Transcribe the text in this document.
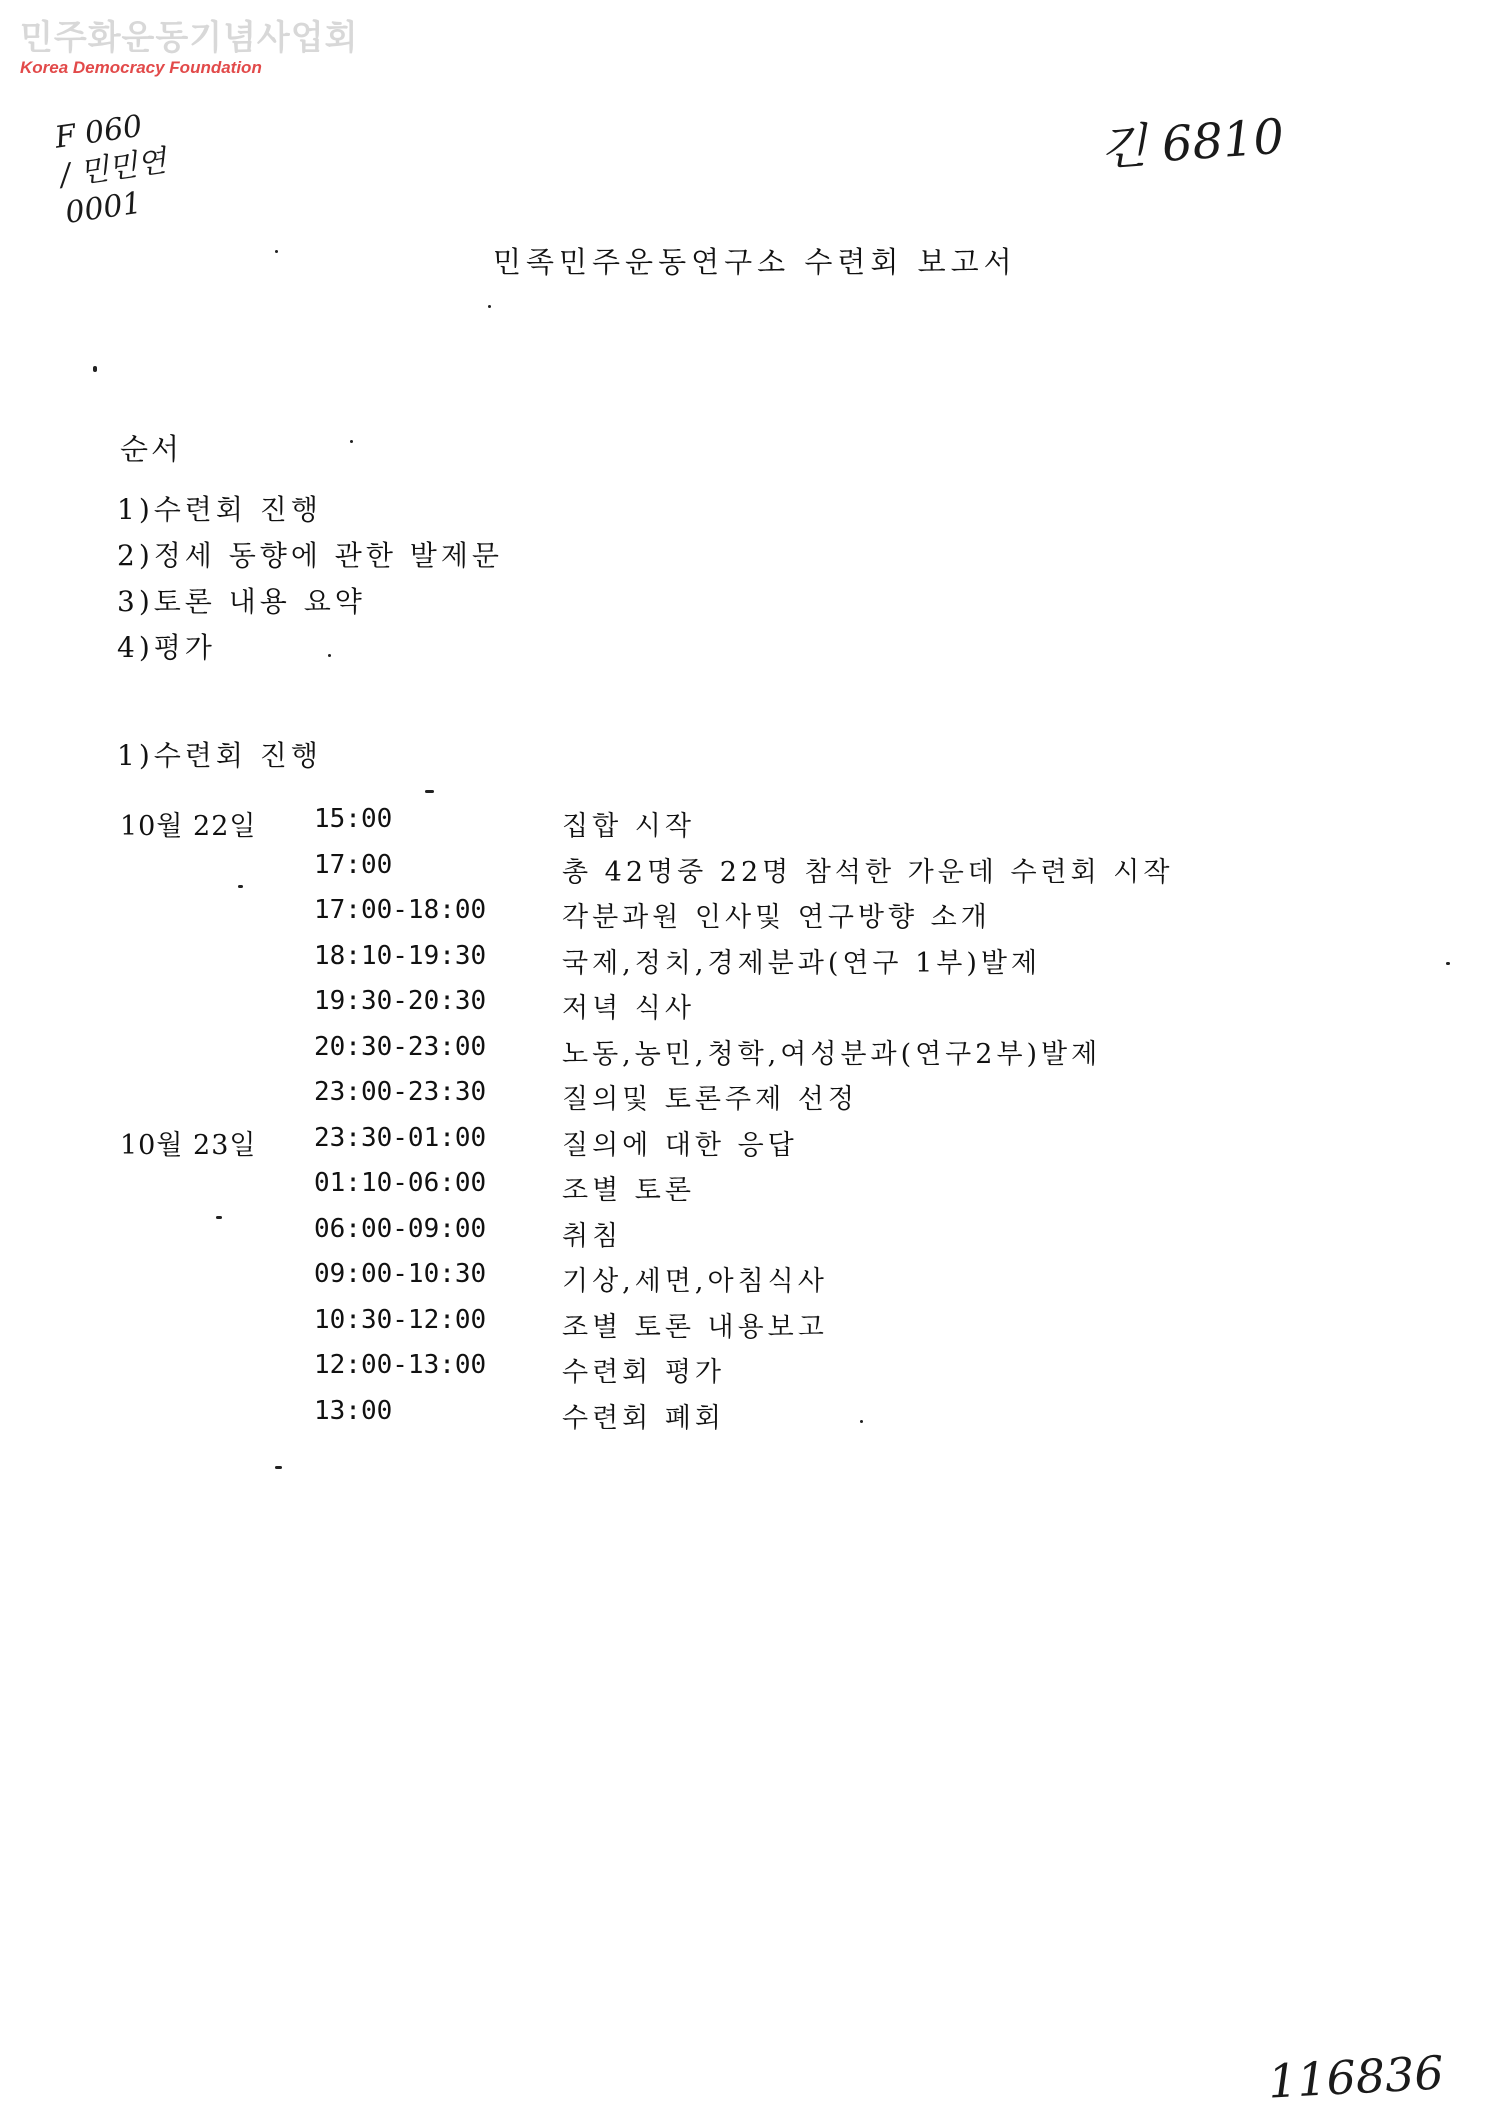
민주화운동기념사업회
Korea Democracy Foundation
F 060
/ 민민연
0001
긴 6810
민족민주운동연구소 수련회 보고서
순서
1)수련회 진행
2)정세 동향에 관한 발제문
3)토론 내용 요약
4)평가
1)수련회 진행
10월 22일 15:00	집합 시작
17:00	총 42명중 22명 참석한 가운데 수련회 시작
17:00-18:00	각분과원 인사및 연구방향 소개
18:10-19:30	국제,정치,경제분과(연구 1부)발제
19:30-20:30	저녁 식사
20:30-23:00	노동,농민,청학,여성분과(연구2부)발제
23:00-23:30	질의및 토론주제 선정
10월 23일 23:30-01:00	질의에 대한 응답
01:10-06:00	조별 토론
06:00-09:00	취침
09:00-10:30	기상,세면,아침식사
10:30-12:00	조별 토론 내용보고
12:00-13:00	수련회 평가
13:00	수련회 폐회
116836
